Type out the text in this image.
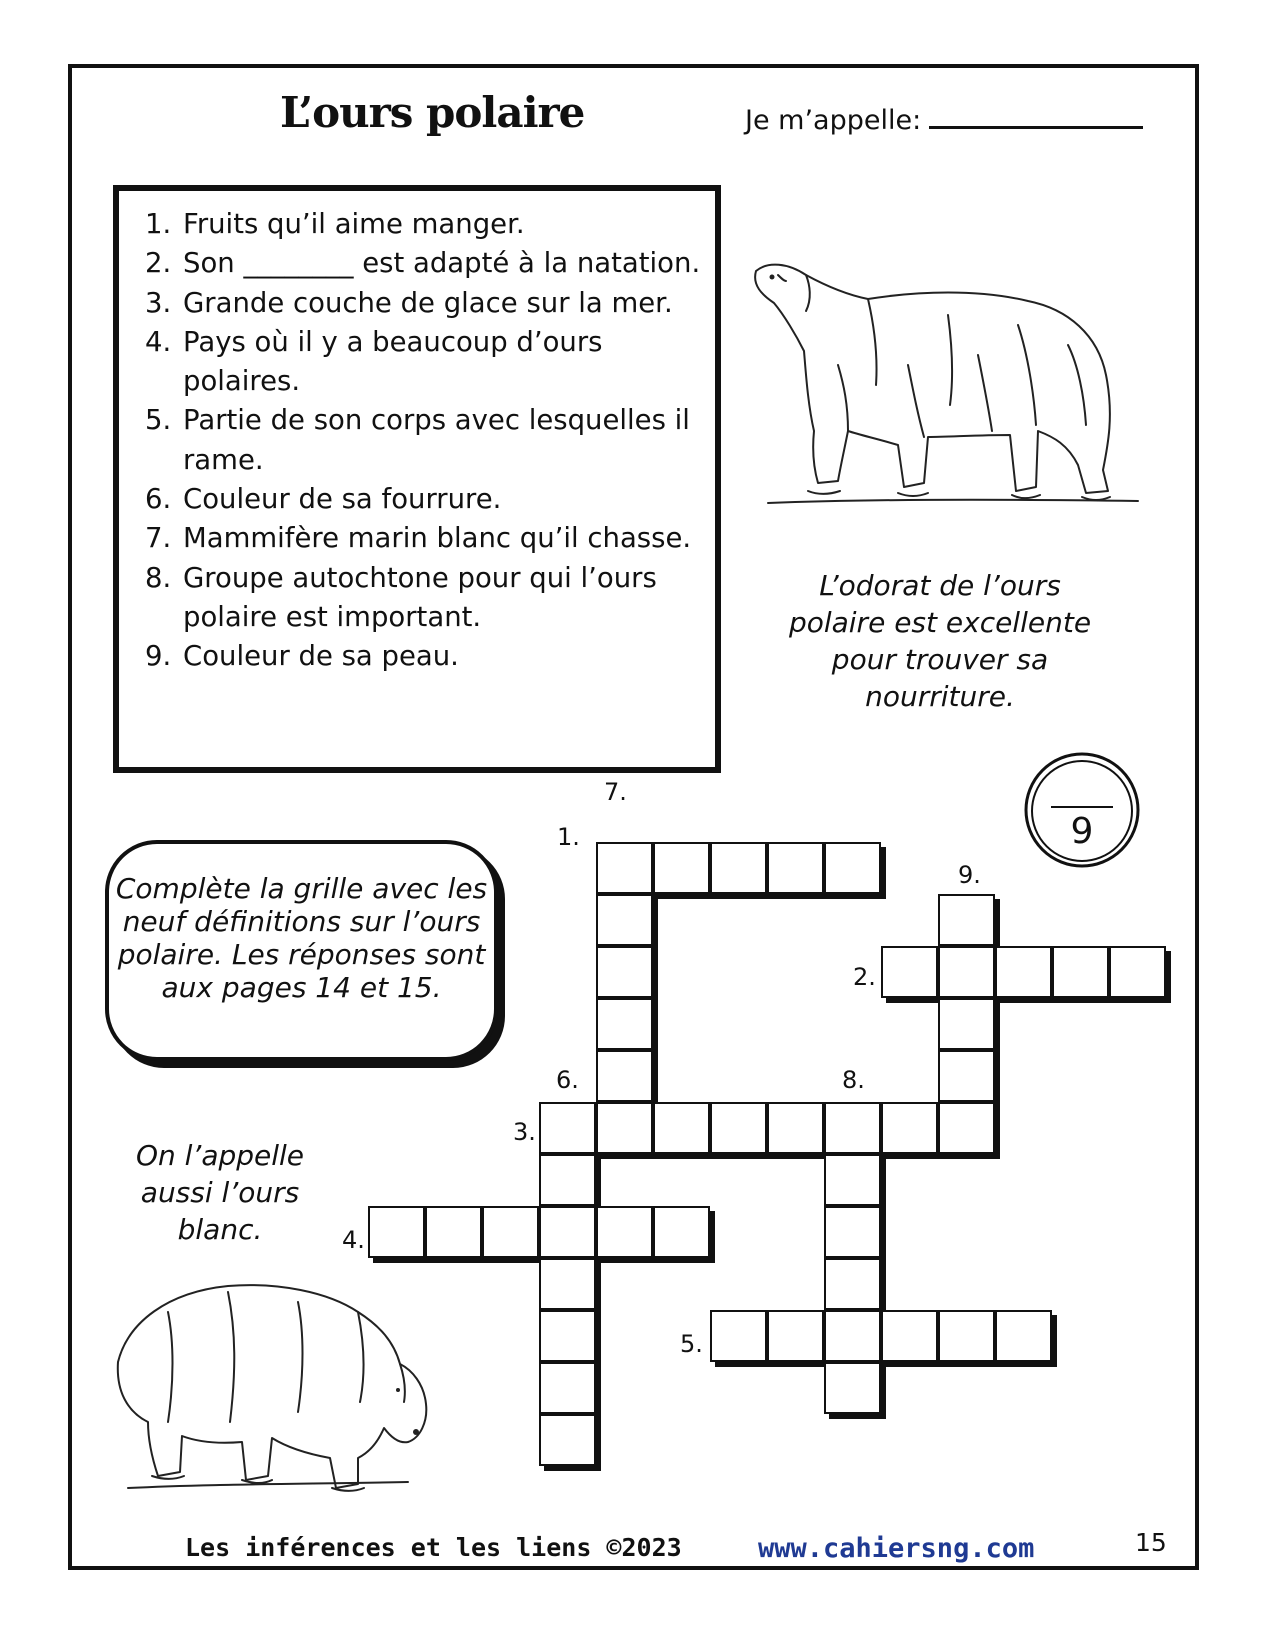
L’ours polaire	Je m’appelle:
1. Fruits qu’il aime manger.
2. Son ________ est adapté à la natation.
3. Grande couche de glace sur la mer.
4. Pays où il y a beaucoup d’ours polaires.
5. Partie de son corps avec lesquelles il rame.
6. Couleur de sa fourrure.
7. Mammifère marin blanc qu’il chasse.
8. Groupe autochtone pour qui l’ours polaire est important.
9. Couleur de sa peau.
L’odorat de l’ours polaire est excellente pour trouver sa nourriture.
9
Complète la grille avec les neuf définitions sur l’ours polaire. Les réponses sont aux pages 14 et 15.
On l’appelle aussi l’ours blanc.
7.
1.
9.
2.
6.	8.
3.
4.
5.
Les inférences et les liens ©2023	www.cahiersng.com	15
